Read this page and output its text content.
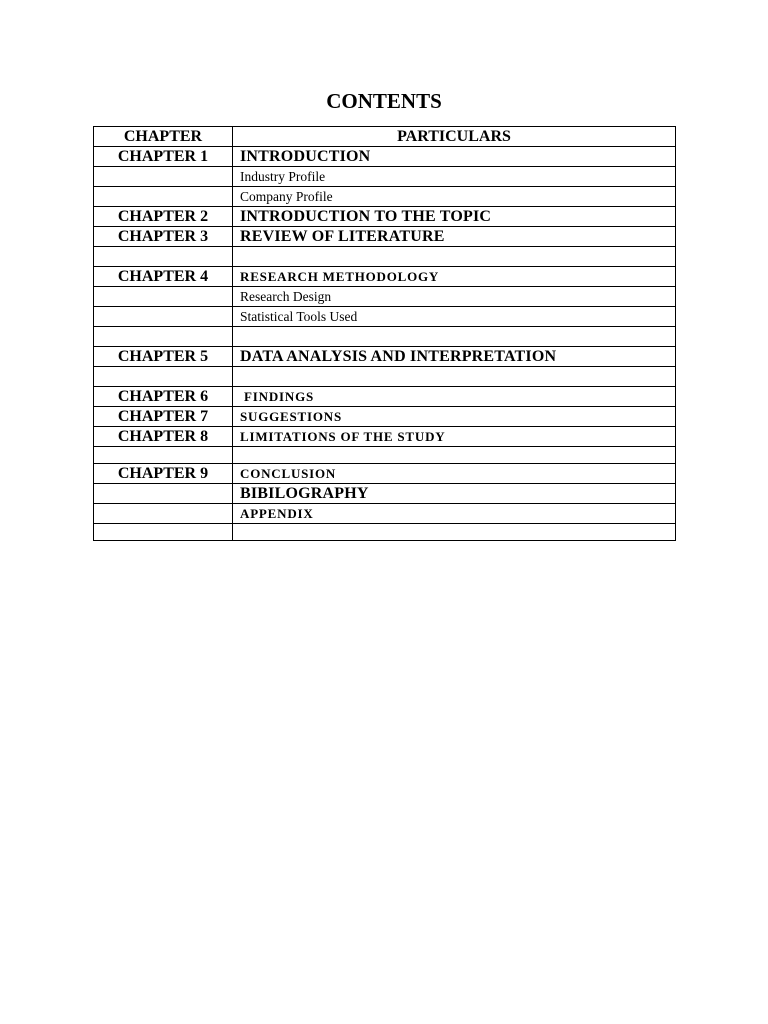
CONTENTS
CHAPTER	PARTICULARS
CHAPTER 1	INTRODUCTION
	Industry Profile
	Company Profile
CHAPTER 2	INTRODUCTION TO THE TOPIC
CHAPTER 3	REVIEW OF LITERATURE

CHAPTER 4	RESEARCH METHODOLOGY
	Research Design
	Statistical Tools Used

CHAPTER 5	DATA ANALYSIS AND INTERPRETATION

CHAPTER 6	FINDINGS
CHAPTER 7	SUGGESTIONS
CHAPTER 8	LIMITATIONS OF THE STUDY

CHAPTER 9	CONCLUSION
	BIBILOGRAPHY
	APPENDIX
